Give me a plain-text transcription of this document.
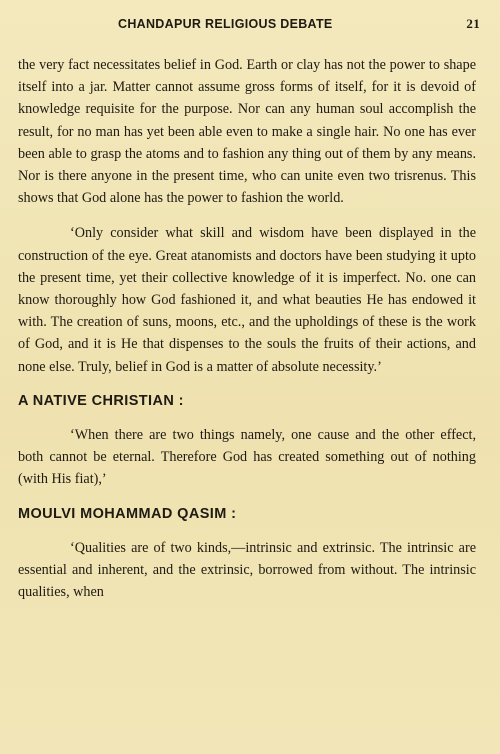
CHANDAPUR RELIGIOUS DEBATE	21

the very fact necessitates belief in God. Earth or clay has not the power to shape itself into a jar. Matter cannot assume gross forms of itself, for it is devoid of knowledge requisite for the purpose. Nor can any human soul accomplish the result, for no man has yet been able even to make a single hair. No one has ever been able to grasp the atoms and to fashion any thing out of them by any means. Nor is there anyone in the present time, who can unite even two trisrenus. This shows that God alone has the power to fashion the world.

‘Only consider what skill and wisdom have been displayed in the construction of the eye. Great atanomists and doctors have been studying it upto the present time, yet their collective knowledge of it is imperfect. No. one can know thoroughly how God fashioned it, and what beauties He has endowed it with. The creation of suns, moons, etc., and the upholdings of these is the work of God, and it is He that dispenses to the souls the fruits of their actions, and none else. Truly, belief in God is a matter of absolute necessity.’

A NATIVE CHRISTIAN :

‘When there are two things namely, one cause and the other effect, both cannot be eternal. Therefore God has created something out of nothing (with His fiat),’

MOULVI MOHAMMAD QASIM :

‘Qualities are of two kinds,—intrinsic and extrinsic. The intrinsic are essential and inherent, and the extrinsic, borrowed from without. The intrinsic qualities, when
